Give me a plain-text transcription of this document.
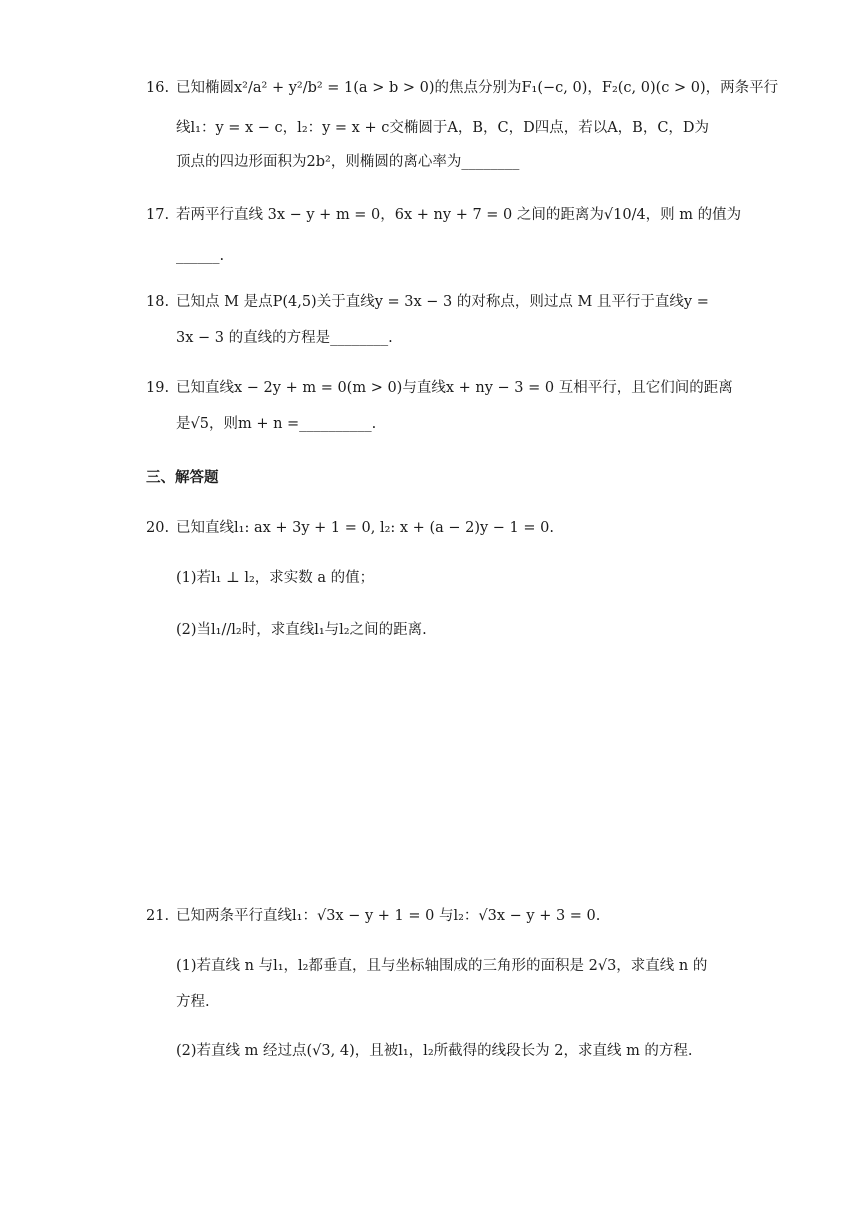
16. 已知椭圆x²/a² + y²/b² = 1(a > b > 0)的焦点分别为F₁(−c, 0)，F₂(c, 0)(c > 0)，两条平行
线l₁：y = x − c，l₂：y = x + c交椭圆于A，B，C，D四点，若以A，B，C，D为
顶点的四边形面积为2b²，则椭圆的离心率为________
17. 若两平行直线 3x − y + m = 0，6x + ny + 7 = 0 之间的距离为√10/4，则 m 的值为
______.
18. 已知点 M 是点P(4,5)关于直线y = 3x − 3 的对称点，则过点 M 且平行于直线y =
3x − 3 的直线的方程是________.
19. 已知直线x − 2y + m = 0(m > 0)与直线x + ny − 3 = 0 互相平行，且它们间的距离
是√5，则m + n =__________.
三、解答题
20. 已知直线l₁: ax + 3y + 1 = 0, l₂: x + (a − 2)y − 1 = 0.
(1)若l₁ ⊥ l₂，求实数 a 的值；
(2)当l₁//l₂时，求直线l₁与l₂之间的距离.
21. 已知两条平行直线l₁：√3x − y + 1 = 0 与l₂：√3x − y + 3 = 0.
(1)若直线 n 与l₁，l₂都垂直，且与坐标轴围成的三角形的面积是 2√3，求直线 n 的
方程.
(2)若直线 m 经过点(√3, 4)，且被l₁，l₂所截得的线段长为 2，求直线 m 的方程.
